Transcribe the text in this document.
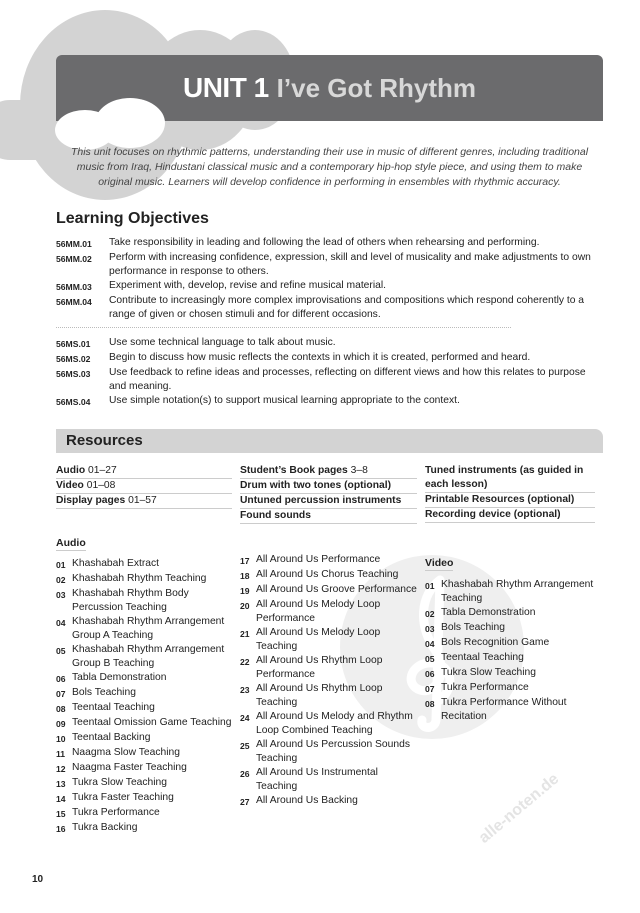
UNIT 1 I’ve Got Rhythm
alle-noten.de

This unit focuses on rhythmic patterns, understanding their use in music of different genres, including traditional music from Iraq, Hindustani classical music and a contemporary hip-hop style piece, and using them to make original music. Learners will develop confidence in performing in ensembles with rhythmic accuracy.

Learning Objectives
56MM.01	Take responsibility in leading and following the lead of others when rehearsing and performing.
56MM.02	Perform with increasing confidence, expression, skill and level of musicality and make adjustments to own performance in response to others.
56MM.03	Experiment with, develop, revise and refine musical material.
56MM.04	Contribute to increasingly more complex improvisations and compositions which respond coherently to a range of given or chosen stimuli and for different occasions.
56MS.01	Use some technical language to talk about music.
56MS.02	Begin to discuss how music reflects the contexts in which it is created, performed and heard.
56MS.03	Use feedback to refine ideas and processes, reflecting on different views and how this relates to purpose and meaning.
56MS.04	Use simple notation(s) to support musical learning appropriate to the context.
Resources
Audio 01–27
Video 01–08
Display pages 01–57
Student’s Book pages 3–8
Drum with two tones (optional)
Untuned percussion instruments
Found sounds
Tuned instruments (as guided in each lesson)
Printable Resources (optional)
Recording device (optional)
Audio
01 Khashabah Extract
02 Khashabah Rhythm Teaching
03 Khashabah Rhythm Body Percussion Teaching
04 Khashabah Rhythm Arrangement Group A Teaching
05 Khashabah Rhythm Arrangement Group B Teaching
06 Tabla Demonstration
07 Bols Teaching
08 Teentaal Teaching
09 Teentaal Omission Game Teaching
10 Teentaal Backing
11 Naagma Slow Teaching
12 Naagma Faster Teaching
13 Tukra Slow Teaching
14 Tukra Faster Teaching
15 Tukra Performance
16 Tukra Backing
17 All Around Us Performance
18 All Around Us Chorus Teaching
19 All Around Us Groove Performance
20 All Around Us Melody Loop Performance
21 All Around Us Melody Loop Teaching
22 All Around Us Rhythm Loop Performance
23 All Around Us Rhythm Loop Teaching
24 All Around Us Melody and Rhythm Loop Combined Teaching
25 All Around Us Percussion Sounds Teaching
26 All Around Us Instrumental Teaching
27 All Around Us Backing
Video
01 Khashabah Rhythm Arrangement Teaching
02 Tabla Demonstration
03 Bols Teaching
04 Bols Recognition Game
05 Teentaal Teaching
06 Tukra Slow Teaching
07 Tukra Performance
08 Tukra Performance Without Recitation
10
